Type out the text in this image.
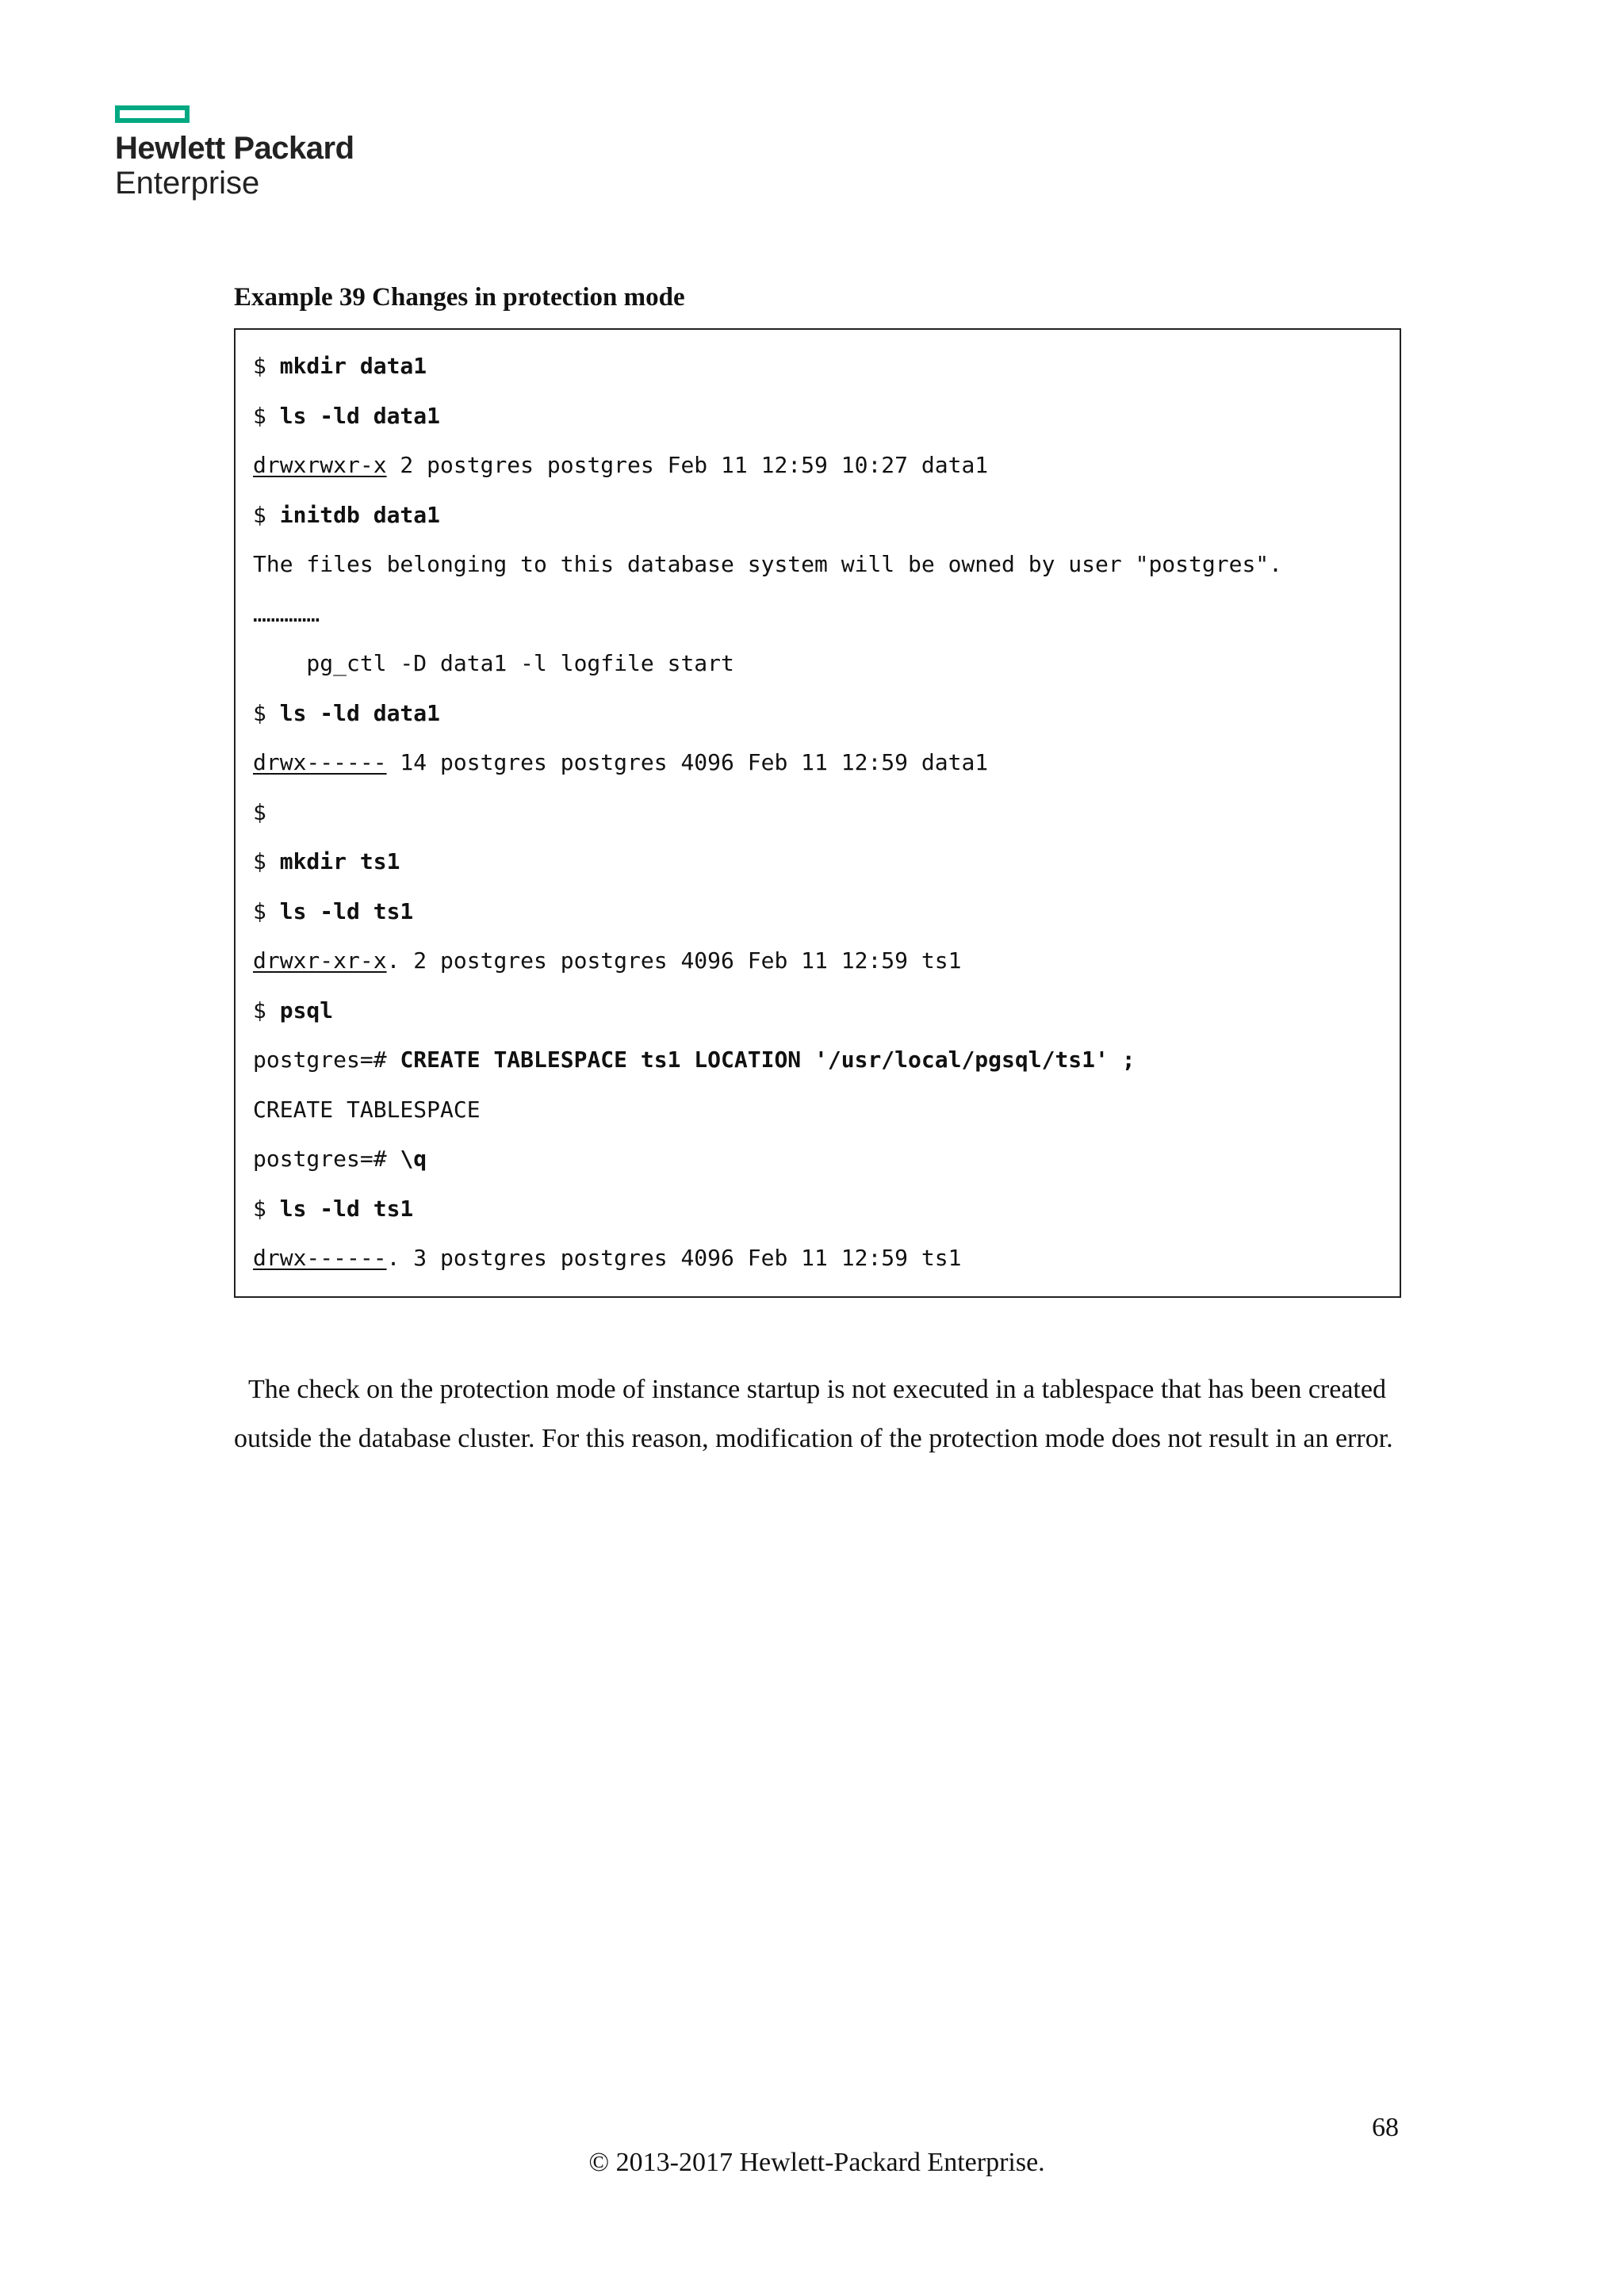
Hewlett Packard
Enterprise
Example 39 Changes in protection mode
$ mkdir data1
$ ls -ld data1
drwxrwxr-x 2 postgres postgres Feb 11 12:59 10:27 data1
$ initdb data1
The files belonging to this database system will be owned by user "postgres".
……………
pg_ctl -D data1 -l logfile start
$ ls -ld data1
drwx------ 14 postgres postgres 4096 Feb 11 12:59 data1
$
$ mkdir ts1
$ ls -ld ts1
drwxr-xr-x. 2 postgres postgres 4096 Feb 11 12:59 ts1
$ psql
postgres=# CREATE TABLESPACE ts1 LOCATION '/usr/local/pgsql/ts1' ;
CREATE TABLESPACE
postgres=# \q
$ ls -ld ts1
drwx------. 3 postgres postgres 4096 Feb 11 12:59 ts1

The check on the protection mode of instance startup is not executed in a tablespace that has been created outside the database cluster. For this reason, modification of the protection mode does not result in an error.

68
© 2013-2017 Hewlett-Packard Enterprise.
